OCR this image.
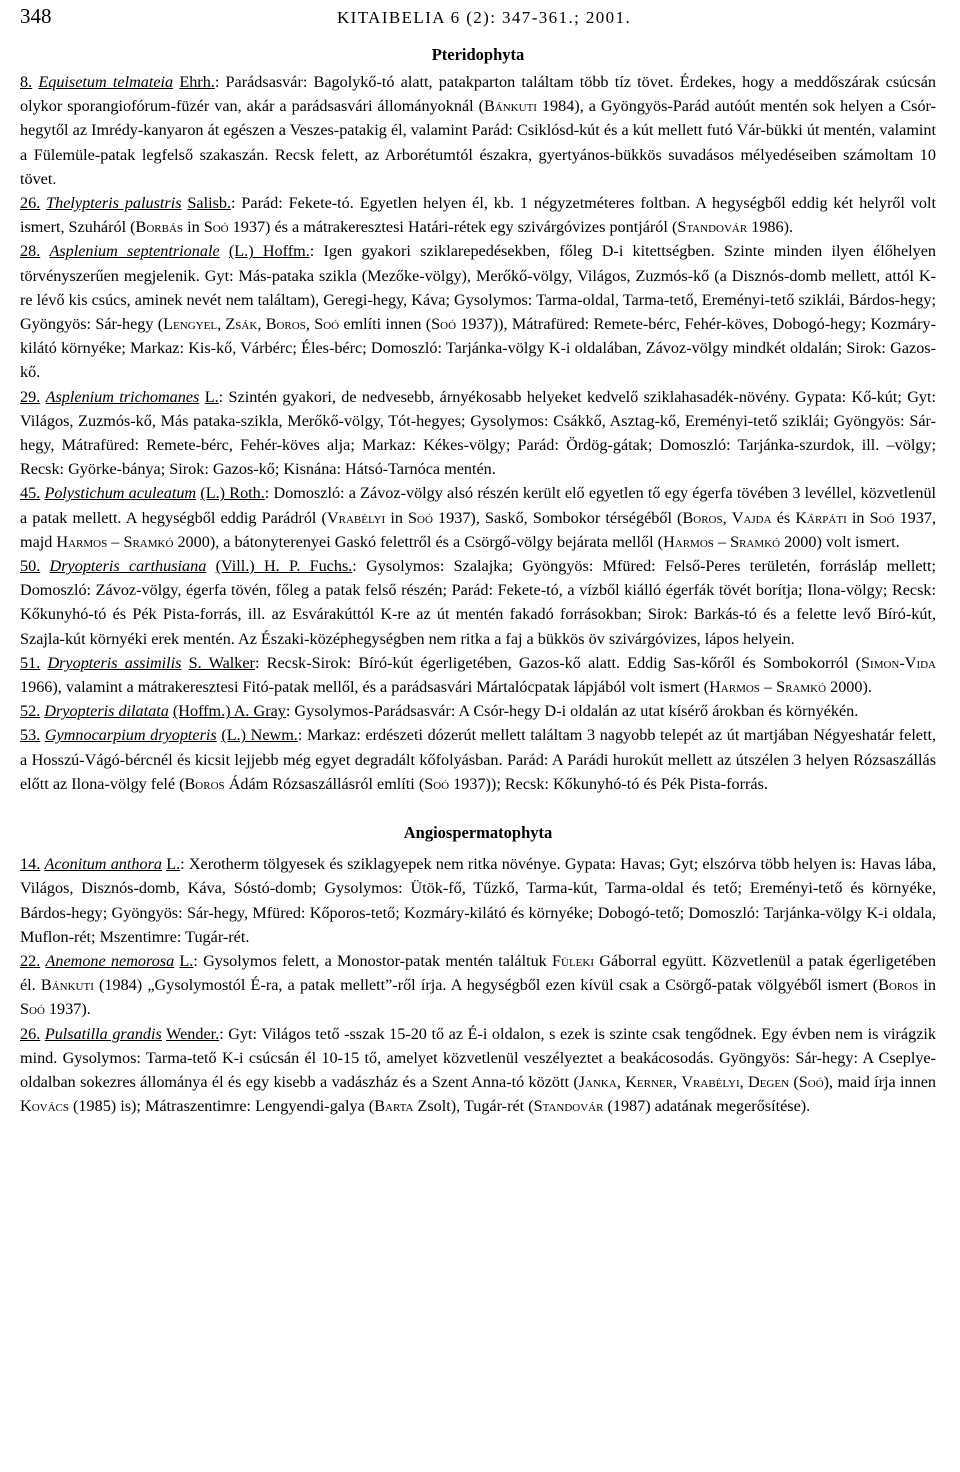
348	KITAIBELIA 6 (2): 347-361.; 2001.
Pteridophyta

8. Equisetum telmateia Ehrh.: Parádsasvár: Bagolykő-tó alatt, patakparton találtam több tíz tövet. Érdekes, hogy a meddőszárak csúcsán olykor sporangiofórum-füzér van, akár a parádsasvári állományoknál (Bánkuti 1984), a Gyöngyös-Parád autóút mentén sok helyen a Csór-hegytől az Imrédy-kanyaron át egészen a Veszes-patakig él, valamint Parád: Csiklósd-kút és a kút mellett futó Vár-bükki út mentén, valamint a Fülemüle-patak legfelső szakaszán. Recsk felett, az Arborétumtól északra, gyertyános-bükkös suvadásos mélyedéseiben számoltam 10 tövet.

26. Thelypteris palustris Salisb.: Parád: Fekete-tó. Egyetlen helyen él, kb. 1 négyzetméteres foltban. A hegységből eddig két helyről volt ismert, Szuháról (Borbás in Soó 1937) és a mátrakeresztesi Határi-rétek egy szivárgóvizes pontjáról (Standovár 1986).

28. Asplenium septentrionale (L.) Hoffm.: Igen gyakori sziklarepedésekben, főleg D-i kitettségben. Szinte minden ilyen élőhelyen törvényszerűen megjelenik. Gyt: Más-pataka szikla (Mezőke-völgy), Merőkő-völgy, Világos, Zuzmós-kő (a Disznós-domb mellett, attól K-re lévő kis csúcs, aminek nevét nem találtam), Geregi-hegy, Káva; Gysolymos: Tarma-oldal, Tarma-tető, Ereményi-tető sziklái, Bárdos-hegy; Gyöngyös: Sár-hegy (Lengyel, Zsák, Boros, Soó említi innen (Soó 1937)), Mátrafüred: Remete-bérc, Fehér-köves, Dobogó-hegy; Kozmáry-kilátó környéke; Markaz: Kis-kő, Várbérc; Éles-bérc; Domoszló: Tarjánka-völgy K-i oldalában, Závoz-völgy mindkét oldalán; Sirok: Gazos-kő.

29. Asplenium trichomanes L.: Szintén gyakori, de nedvesebb, árnyékosabb helyeket kedvelő sziklahasadék-növény. Gypata: Kő-kút; Gyt: Világos, Zuzmós-kő, Más pataka-szikla, Merőkő-völgy, Tót-hegyes; Gysolymos: Csákkő, Asztag-kő, Ereményi-tető sziklái; Gyöngyös: Sár-hegy, Mátrafüred: Remete-bérc, Fehér-köves alja; Markaz: Kékes-völgy; Parád: Ördög-gátak; Domoszló: Tarjánka-szurdok, ill. –völgy; Recsk: Györke-bánya; Sirok: Gazos-kő; Kisnána: Hátsó-Tarnóca mentén.

45. Polystichum aculeatum (L.) Roth.: Domoszló: a Závoz-völgy alsó részén került elő egyetlen tő egy égerfa tövében 3 levéllel, közvetlenül a patak mellett. A hegységből eddig Parádról (Vrabélyi in Soó 1937), Saskő, Sombokor térségéből (Boros, Vajda és Kárpáti in Soó 1937, majd Harmos – Sramkó 2000), a bátonyterenyei Gaskó felettről és a Csörgő-völgy bejárata mellől (Harmos – Sramkó 2000) volt ismert.

50. Dryopteris carthusiana (Vill.) H. P. Fuchs.: Gysolymos: Szalajka; Gyöngyös: Mfüred: Felső-Peres területén, forrásláp mellett; Domoszló: Závoz-völgy, égerfa tövén, főleg a patak felső részén; Parád: Fekete-tó, a vízből kiálló égerfák tövét borítja; Ilona-völgy; Recsk: Kőkunyhó-tó és Pék Pista-forrás, ill. az Esvárakúttól K-re az út mentén fakadó forrásokban; Sirok: Barkás-tó és a felette levő Bíró-kút, Szajla-kút környéki erek mentén. Az Északi-középhegységben nem ritka a faj a bükkös öv szivárgóvizes, lápos helyein.

51. Dryopteris assimilis S. Walker: Recsk-Sirok: Bíró-kút égerligetében, Gazos-kő alatt. Eddig Sas-kőről és Sombokorról (Simon-Vida 1966), valamint a mátrakeresztesi Fitó-patak mellől, és a parádsasvári Mártalócpatak lápjából volt ismert (Harmos – Sramkó 2000).

52. Dryopteris dilatata (Hoffm.) A. Gray: Gysolymos-Parádsasvár: A Csór-hegy D-i oldalán az utat kísérő árokban és környékén.

53. Gymnocarpium dryopteris (L.) Newm.: Markaz: erdészeti dózerút mellett találtam 3 nagyobb telepét az út martjában Négyeshatár felett, a Hosszú-Vágó-bércnél és kicsit lejjebb még egyet degradált kőfolyásban. Parád: A Parádi hurokút mellett az útszélen 3 helyen Rózsaszállás előtt az Ilona-völgy felé (Boros Ádám Rózsaszállásról említi (Soó 1937)); Recsk: Kőkunyhó-tó és Pék Pista-forrás.

Angiospermatophyta

14. Aconitum anthora L.: Xerotherm tölgyesek és sziklagyepek nem ritka növénye. Gypata: Havas; Gyt; elszórva több helyen is: Havas lába, Világos, Disznós-domb, Káva, Sóstó-domb; Gysolymos: Ütök-fő, Tűzkő, Tarma-kút, Tarma-oldal és tető; Ereményi-tető és környéke, Bárdos-hegy; Gyöngyös: Sár-hegy, Mfüred: Kőporos-tető; Kozmáry-kilátó és környéke; Dobogó-tető; Domoszló: Tarjánka-völgy K-i oldala, Muflon-rét; Mszentimre: Tugár-rét.

22. Anemone nemorosa L.: Gysolymos felett, a Monostor-patak mentén találtuk Füleki Gáborral együtt. Közvetlenül a patak égerligetében él. Bánkuti (1984) „Gysolymostól É-ra, a patak mellett”-ről írja. A hegységből ezen kívül csak a Csörgő-patak völgyéből ismert (Boros in Soó 1937).

26. Pulsatilla grandis Wender.: Gyt: Világos tető -sszak 15-20 tő az É-i oldalon, s ezek is szinte csak tengődnek. Egy évben nem is virágzik mind. Gysolymos: Tarma-tető K-i csúcsán él 10-15 tő, amelyet közvetlenül veszélyeztet a beakácosodás. Gyöngyös: Sár-hegy: A Cseplye-oldalban sokezres állománya él és egy kisebb a vadászház és a Szent Anna-tó között (Janka, Kerner, Vrabélyi, Degen (Soó), maid írja innen Kovács (1985) is); Mátraszentimre: Lengyendi-galya (Barta Zsolt), Tugár-rét (Standovár (1987) adatának megerősítése).
